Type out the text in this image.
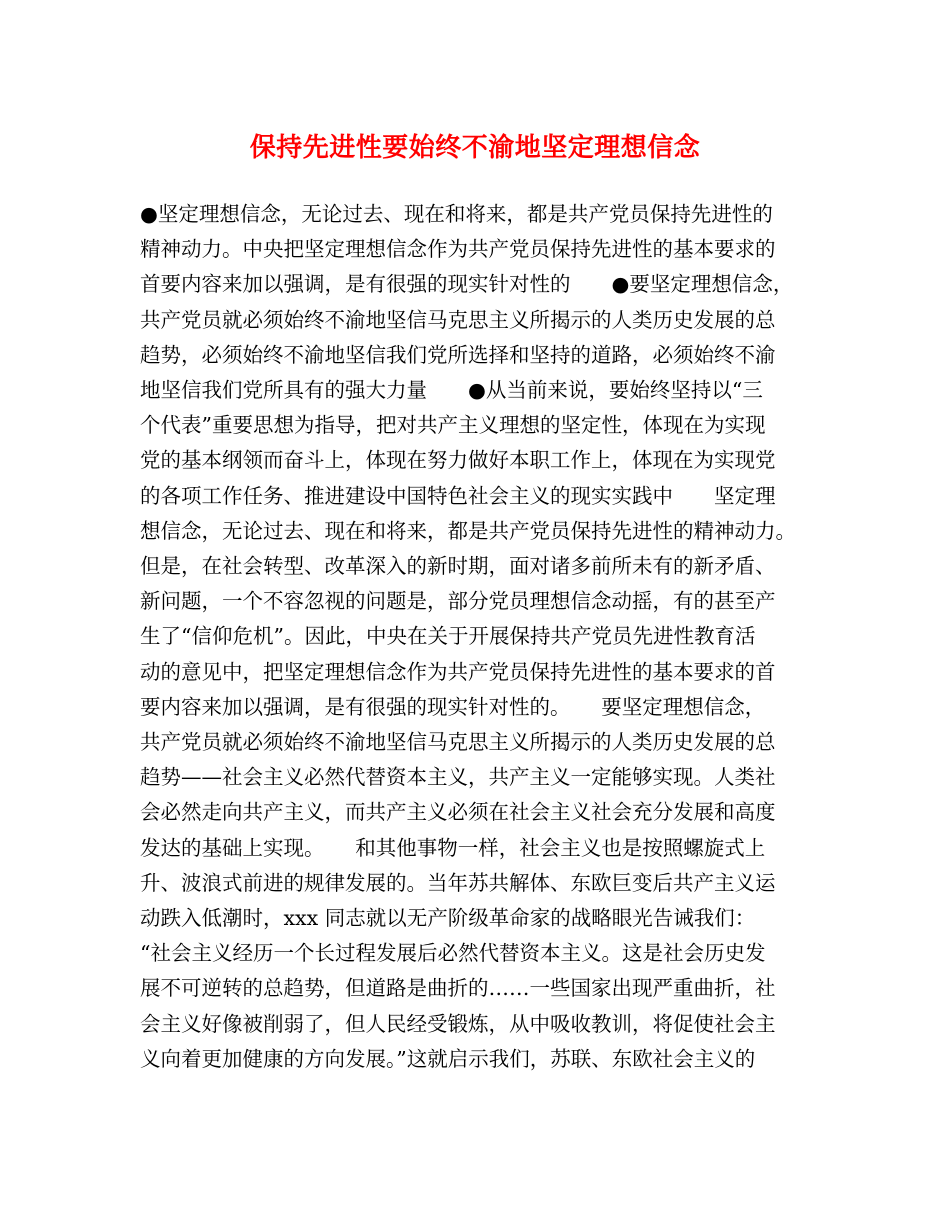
保持先进性要始终不渝地坚定理想信念
●坚定理想信念，无论过去、现在和将来，都是共产党员保持先进性的
精神动力。中央把坚定理想信念作为共产党员保持先进性的基本要求的
首要内容来加以强调，是有很强的现实针对性的　　●要坚定理想信念，
共产党员就必须始终不渝地坚信马克思主义所揭示的人类历史发展的总
趋势，必须始终不渝地坚信我们党所选择和坚持的道路，必须始终不渝
地坚信我们党所具有的强大力量　　●从当前来说，要始终坚持以“三
个代表”重要思想为指导，把对共产主义理想的坚定性，体现在为实现
党的基本纲领而奋斗上，体现在努力做好本职工作上，体现在为实现党
的各项工作任务、推进建设中国特色社会主义的现实实践中　　坚定理
想信念，无论过去、现在和将来，都是共产党员保持先进性的精神动力。
但是，在社会转型、改革深入的新时期，面对诸多前所未有的新矛盾、
新问题，一个不容忽视的问题是，部分党员理想信念动摇，有的甚至产
生了“信仰危机”。因此，中央在关于开展保持共产党员先进性教育活
动的意见中，把坚定理想信念作为共产党员保持先进性的基本要求的首
要内容来加以强调，是有很强的现实针对性的。　　要坚定理想信念，
共产党员就必须始终不渝地坚信马克思主义所揭示的人类历史发展的总
趋势——社会主义必然代替资本主义，共产主义一定能够实现。人类社
会必然走向共产主义，而共产主义必须在社会主义社会充分发展和高度
发达的基础上实现。　　和其他事物一样，社会主义也是按照螺旋式上
升、波浪式前进的规律发展的。当年苏共解体、东欧巨变后共产主义运
动跌入低潮时，xxx 同志就以无产阶级革命家的战略眼光告诫我们：
“社会主义经历一个长过程发展后必然代替资本主义。这是社会历史发
展不可逆转的总趋势，但道路是曲折的……一些国家出现严重曲折，社
会主义好像被削弱了，但人民经受锻炼，从中吸收教训，将促使社会主
义向着更加健康的方向发展。”这就启示我们，苏联、东欧社会主义的
